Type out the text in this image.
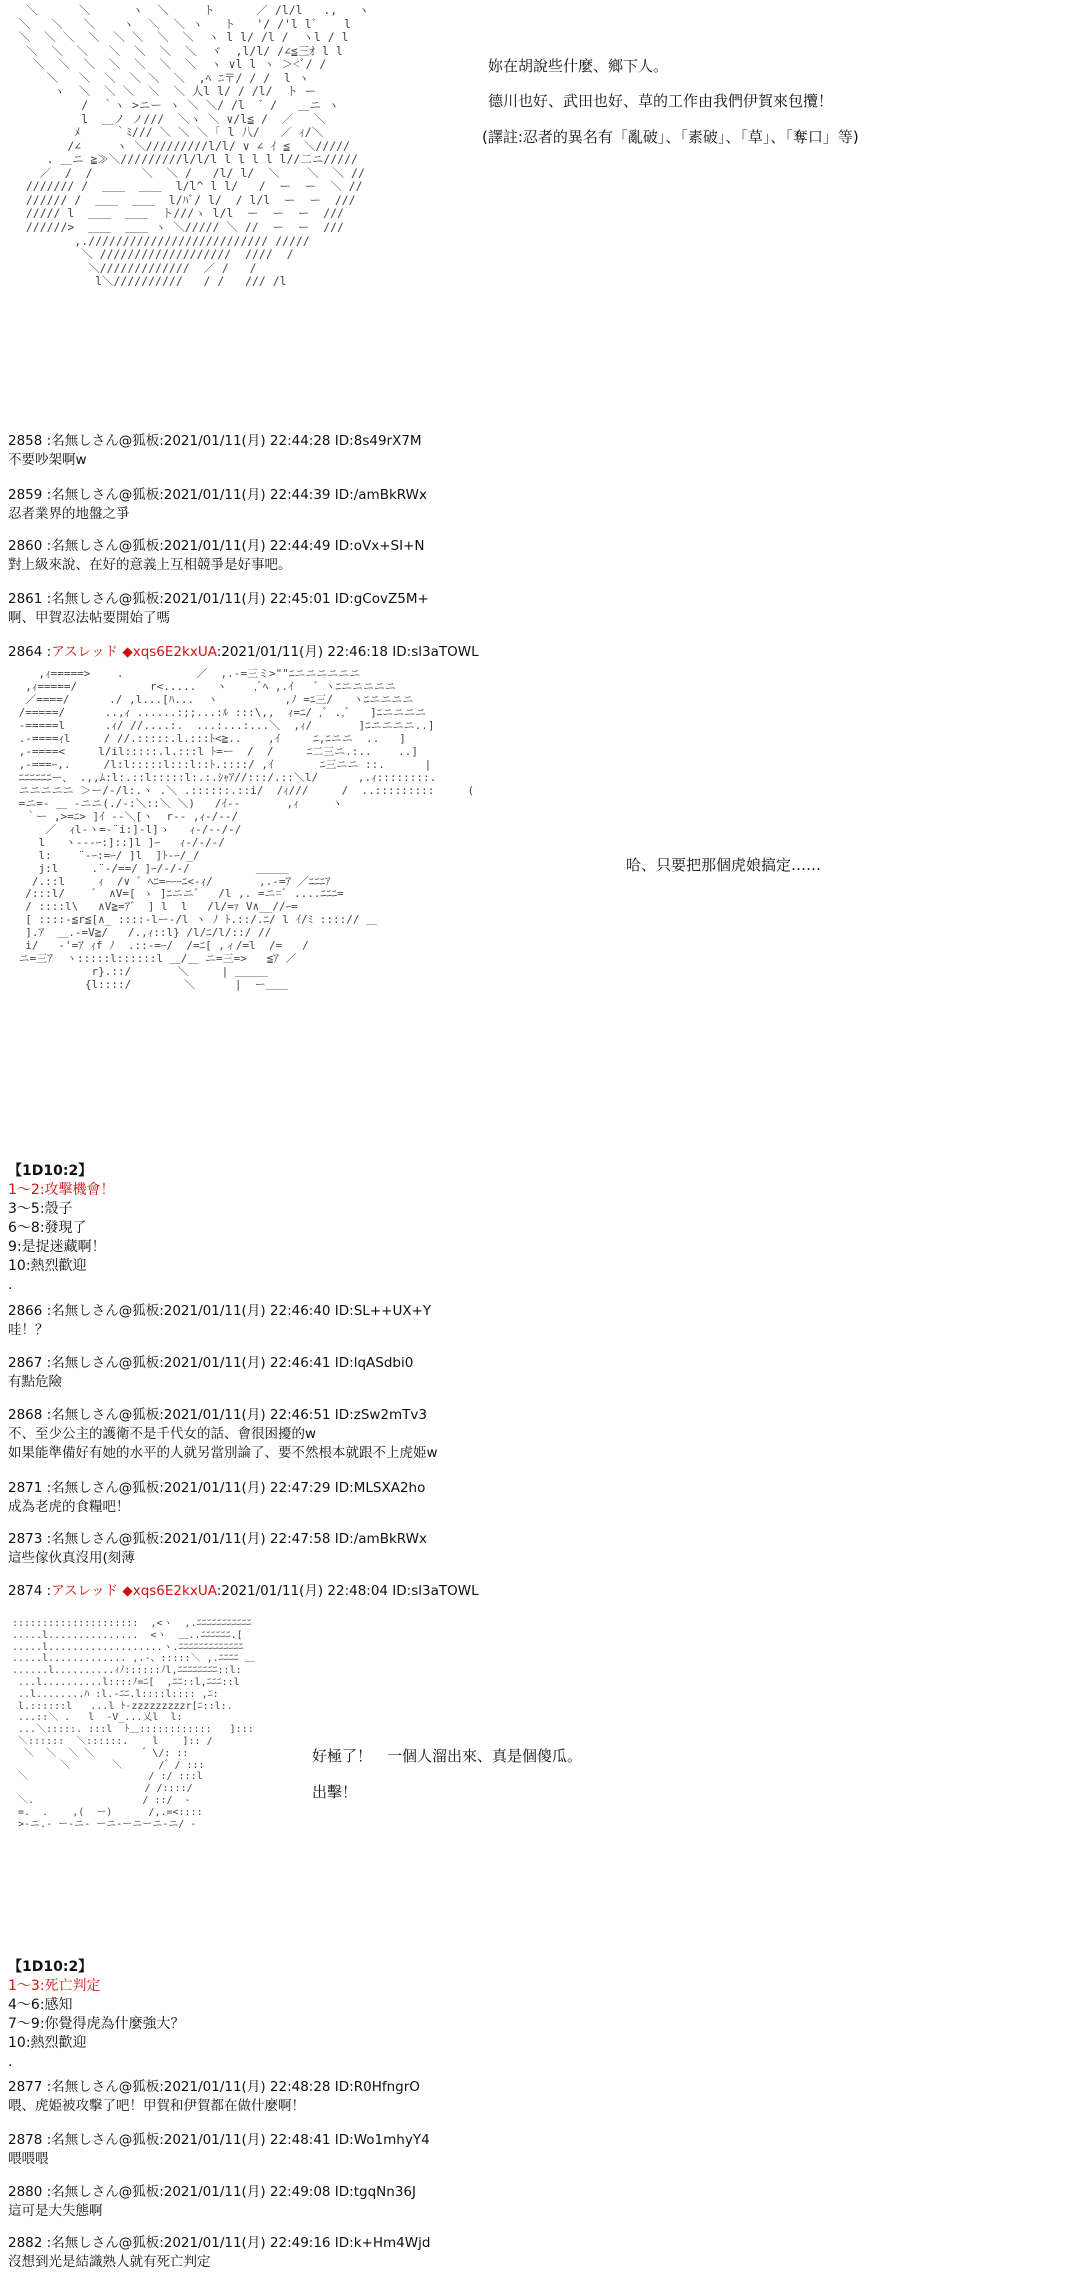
＼      ＼      ヽ  ＼     ト      ／ /l/l   .,   ヽ
＼   ＼   ＼    ヽ  ＼  ＼ ヽ   ト   '/ /'l l゛   l
＼  ＼ ＼  ＼  ＼ ＼  ＼  ＼  ヽ l l/ /l /  ヽl / l
＼  ＼  ＼   ＼  ＼  ＼  ＼  ヾ  ,l/l/ /∠≦三ｵ l l
＼  ＼  ＼  ＼  ＼  ＼  ＼  ヽ ∨l l ヽ ＞<ﾞ/ /
＼   ＼  ＼  ＼ ＼  ＼  ,ﾍ ﾆ〒/ / /  l ヽ
ヽ  ＼  ＼ ＼  ＼  ＼ 人l l/ / /l/  ト ー
/  ｀ヽ >ニー ヽ ＼ ＼/ /l  ゛/   ＿ニ ヽ
l  ＿ノ ノ///  ＼ヽ ＼ ∨/l≦ /  ／   ＼
ﾒ     ｀ﾐ/// ＼ ＼ ＼ ｢ l 八/   ／ ｨ/＼
/∠     ヽ ＼/////////l/l/ ∨ ∠ ｲ ≦  ＼/////
. ＿ニ ≧≫＼/////////l/l/l l l l l l//二ニ/////
／  /  /       ＼  ＼ /   /l/ l/  ＼    ＼  ＼ //
/////// /  ＿＿  ＿＿  l/l^ l l/   /  ー  ー  ＼ //
////// /  ＿＿  ＿＿  l/ﾊﾞ/ l/  / l/l  ー  ー  ///
///// l  ＿＿  ＿＿  ト///ゝ l/l  ー  ー  ー  ///
//////>  ＿＿  ＿＿ ヽ ＼///// ＼ //  ー  ー  ///
,.////////////////////////// /////
＼ ///////////////////  ////  /
＼/////////////  ／ /   /
l＼//////////   / /   /// /l
,ｨ=====>    .           ／  ,.-=三ミ>""ﾆニニニニニニ
,ｨ=====/           r<.....   ヽ    ,ﾞﾍ ,.ｲ   ゛ヽﾆニニニニニ
／====/      ./ ,l...[ﾊ...  ヽ          ,ﾉ =ﾆ三/   ヽﾆニニニニ
/=====/      ..,ｨ ......:;;...:ﾙ :::\,,  ｨ=ﾆ/ ,ﾞ .,ﾞ   ]ﾆニニニニ
-=====l      .ｨ/ //....:.  ...:...:...＼  ,ｨ/       ]ﾆニニニニ..]
.-====ｨl     / //.:::::.l.:::ﾄ<≧..    ,ｲ     ﾆ,ﾆニニ  ..   ]
,-====<     l/il:::::.l.:::l ﾄ=ー  /  /     ﾆ二三ニ.:..    ..]
,-===ｰ,.     /l:l:::::l:::l::ﾄ.::::/ ,ｲ       ﾆ三ニニ ::.      |
ﾆﾆﾆﾆﾆﾆー、 .,,ﾑ:l:.::l:::::l:.:.ｼｬｱ//:::/.::＼l/      ,.ｨ::::::::.
ニニニニニ ＞ー/-/l:.ヽ .＼ .::::::.::i/  /ｨ///     /  ..:::::::::     (
=ニ=- ＿ -ニニ(./-:＼::＼ ＼)   /ｲ-‐       ,ｨ     ヽ
｀ー ,>=ﾆ> ]ｲ ‐-＼[ヽ  r-‐ ,ｨ-/‐-/
／  ｨl‐ヽ=-¨i:]-l]ゝ   ｨ-/‐-/-/
l   ヽ---ｰ:]::]l ]ｰ   ｨ-/-/-/
l:    ¨-ｰ:=ｰ/ ]l  ]ﾄ-ｰ/_/
j:l     .¨-/==/ ]ｰ/-/-/          ＿＿＿
/.::l     ｨ  /∨ ゛ﾍﾆ=ｰｰｰﾆ<-ｨ/       ,.-=ｱ ／ﾆﾆﾆｱ
/:::l/    ゛ ∧V=[ ゝ ]ﾆニニ゛  /l ,. =ニ=ﾞ ....ﾆﾆﾆ=
/ ::::l\   ∧V≧=ｱ゛ ] l  l   /l/=ｧ V∧__//ｰ=
[ ::::-≦r≦[∧_ ::::-lー-/l ヽ ﾉ ﾄ.::/.ﾆ/ l ｲ/ﾐ ::::// ＿
].ｱ  ＿.-=V≧/   /.,ｨ::l} /l/ﾆ/l/::/ //
i/   -'=ｱ ｨf ﾉ  .::-=ｰ/  /=ﾆ[ ,ィ/=l  /=   /
ニ=三ｱ  ヽ:::::l::::::l ＿/＿ ニ=三=>   ≦ｱ ／
r}.::/       ＼     | ＿＿＿
{l::::/        ＼      |  ー＿＿
:::::::::::::::::::::  ,<ヽ  ,.ﾆﾆﾆﾆﾆﾆﾆﾆﾆﾆﾆ
.....l...............  <ヽ  ＿..ﾆﾆﾆﾆﾆﾆ.[
.....l...................ヽ.ﾆﾆﾆﾆﾆﾆﾆﾆﾆﾆﾆﾆﾆ
.....l............. ,.-、:::::＼ ,.ﾆﾆﾆﾆ ＿
......l..........ｨﾉ::::::ﾉl,ﾆﾆﾆﾆﾆﾆﾆﾆ::l:
...l..........l::::ﾉ=ﾆ[  ,ﾆﾆ::l,ﾆﾆﾆ::l
..l........ﾊ :l.-ﾆﾆ.l::::l:::: ,ﾆ:
l.::::::l   ...l ﾄ-zzzzzzzzzr[ﾆ::l:.
...::＼ .   l  -V_...乂l  l:
...＼:::::. :::l  ﾄ＿::::::::::::   ]:::
＼::::::  ＼::::::.    l    ]:: /
＼  ＼  ＼ ＼        ゛\/: ::
＼       ＼      /゛/ :::
＼                    / :/ :::l
/ /::::/
＼.                  / ::/  -
=.  .    ,(  ー)      /,.=<::::
>-ニ.- ー-ニ- ーニ-ーニーニ-ニ/ -
妳在胡說些什麼、鄉下人。
德川也好、武田也好、草的工作由我們伊賀來包攬！
(譯註:忍者的異名有「亂破」、「素破」、「草」、「奪口」等)
哈、只要把那個虎娘搞定……
好極了！　一個人溜出來、真是個傻瓜。
出擊！
2858 :名無しさん@狐板:2021/01/11(月) 22:44:28 ID:8s49rX7M
不要吵架啊w
2859 :名無しさん@狐板:2021/01/11(月) 22:44:39 ID:/amBkRWx
忍者業界的地盤之爭
2860 :名無しさん@狐板:2021/01/11(月) 22:44:49 ID:oVx+SI+N
對上級來說、在好的意義上互相競爭是好事吧。
2861 :名無しさん@狐板:2021/01/11(月) 22:45:01 ID:gCovZ5M+
啊、甲賀忍法帖要開始了嗎
2864 :アスレッド ◆xqs6E2kxUA:2021/01/11(月) 22:46:18 ID:sl3aTOWL
【1D10:2】
1～2:攻擊機會！
3～5:殼子
6～8:發現了
9:是捉迷藏啊！
10:熱烈歡迎
.
2866 :名無しさん@狐板:2021/01/11(月) 22:46:40 ID:SL++UX+Y
哇！？
2867 :名無しさん@狐板:2021/01/11(月) 22:46:41 ID:lqASdbi0
有點危險
2868 :名無しさん@狐板:2021/01/11(月) 22:46:51 ID:zSw2mTv3
不、至少公主的護衛不是千代女的話、會很困擾的w
如果能準備好有她的水平的人就另當別論了、要不然根本就跟不上虎姫w
2871 :名無しさん@狐板:2021/01/11(月) 22:47:29 ID:MLSXA2ho
成為老虎的食糧吧！
2873 :名無しさん@狐板:2021/01/11(月) 22:47:58 ID:/amBkRWx
這些傢伙真沒用(刻薄
2874 :アスレッド ◆xqs6E2kxUA:2021/01/11(月) 22:48:04 ID:sl3aTOWL
【1D10:2】
1～3:死亡判定
4～6:感知
7～9:你覺得虎為什麼強大？
10:熱烈歡迎
.
2877 :名無しさん@狐板:2021/01/11(月) 22:48:28 ID:R0HfngrO
喂、虎姫被攻擊了吧！甲賀和伊賀都在做什麼啊！
2878 :名無しさん@狐板:2021/01/11(月) 22:48:41 ID:Wo1mhyY4
喂喂喂
2880 :名無しさん@狐板:2021/01/11(月) 22:49:08 ID:tgqNn36J
這可是大失態啊
2882 :名無しさん@狐板:2021/01/11(月) 22:49:16 ID:k+Hm4Wjd
沒想到光是結識熟人就有死亡判定
